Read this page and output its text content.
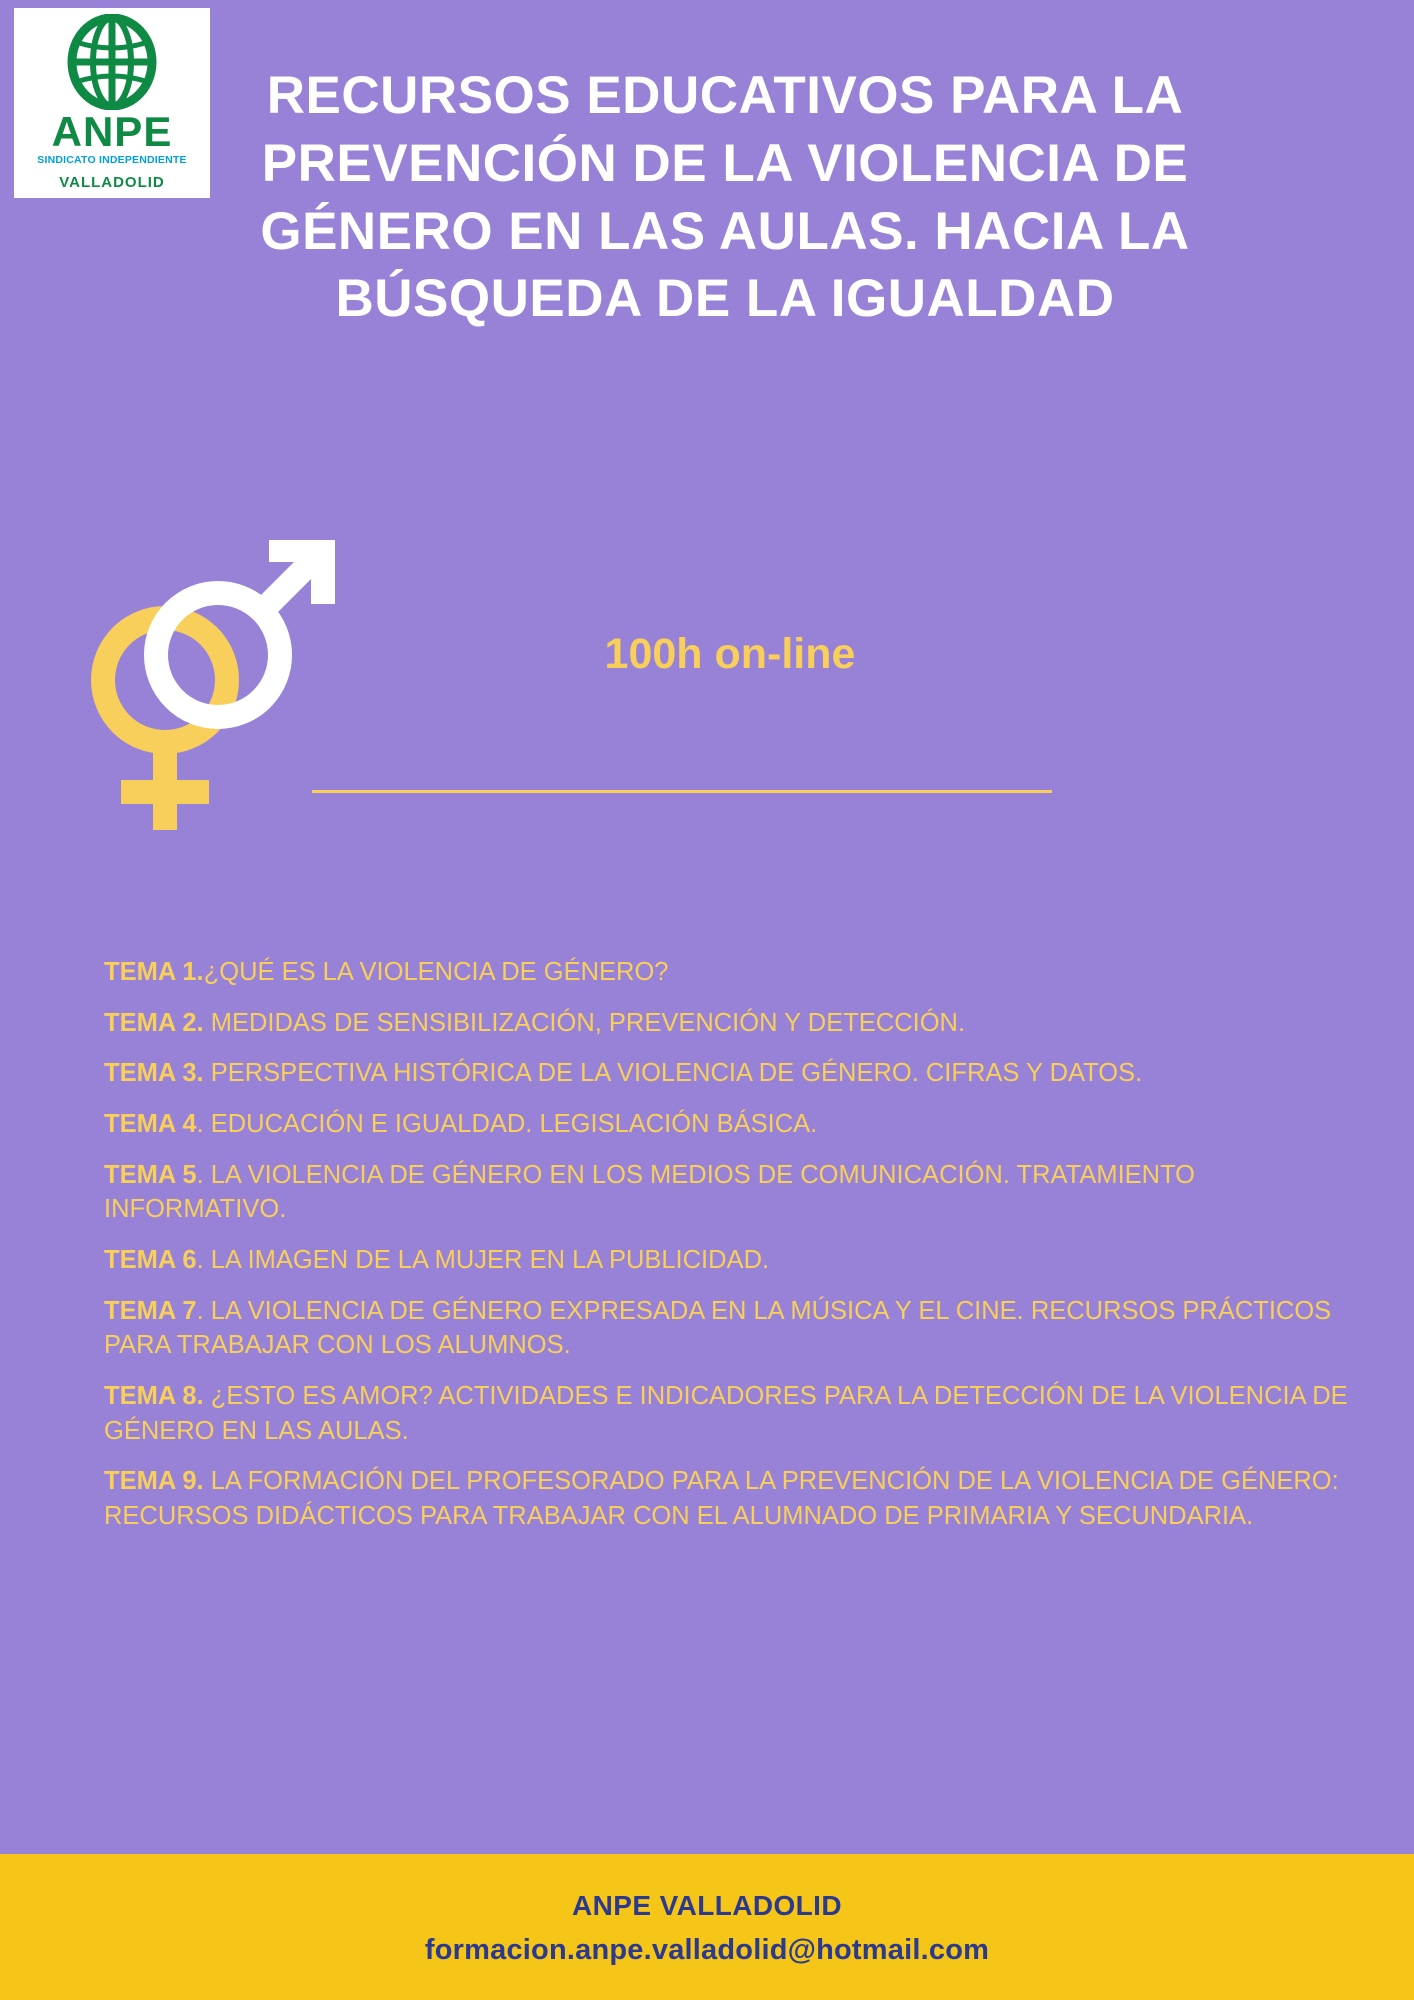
ANPE
SINDICATO INDEPENDIENTE
VALLADOLID
RECURSOS EDUCATIVOS PARA LA PREVENCIÓN DE LA VIOLENCIA DE GÉNERO EN LAS AULAS. HACIA LA BÚSQUEDA DE LA IGUALDAD
100h on-line
TEMA 1.¿QUÉ ES LA VIOLENCIA DE GÉNERO?
TEMA 2. MEDIDAS DE SENSIBILIZACIÓN, PREVENCIÓN Y DETECCIÓN.
TEMA 3. PERSPECTIVA HISTÓRICA DE LA VIOLENCIA DE GÉNERO. CIFRAS Y DATOS.
TEMA 4. EDUCACIÓN E IGUALDAD. LEGISLACIÓN BÁSICA.
TEMA 5. LA VIOLENCIA DE GÉNERO EN LOS MEDIOS DE COMUNICACIÓN. TRATAMIENTO INFORMATIVO.
TEMA 6. LA IMAGEN DE LA MUJER EN LA PUBLICIDAD.
TEMA 7. LA VIOLENCIA DE GÉNERO EXPRESADA EN LA MÚSICA Y EL CINE. RECURSOS PRÁCTICOS PARA TRABAJAR CON LOS ALUMNOS.
TEMA 8. ¿ESTO ES AMOR? ACTIVIDADES E INDICADORES PARA LA DETECCIÓN DE LA VIOLENCIA DE GÉNERO EN LAS AULAS.
TEMA 9. LA FORMACIÓN DEL PROFESORADO PARA LA PREVENCIÓN DE LA VIOLENCIA DE GÉNERO: RECURSOS DIDÁCTICOS PARA TRABAJAR CON EL ALUMNADO DE PRIMARIA Y SECUNDARIA.
ANPE VALLADOLID
formacion.anpe.valladolid@hotmail.com
